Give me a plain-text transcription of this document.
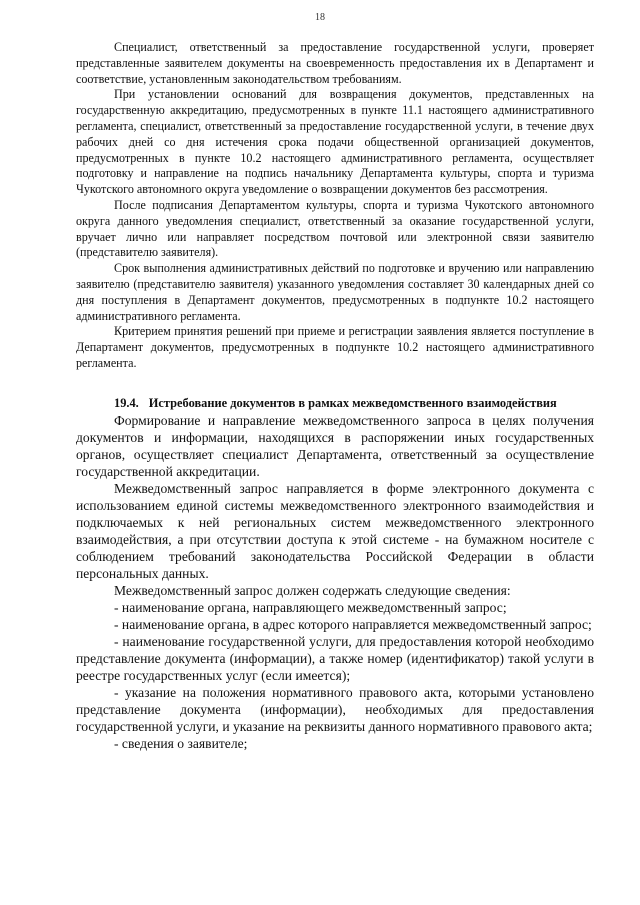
18

Специалист, ответственный за предоставление государственной услуги, проверяет представленные заявителем документы на своевременность предоставления их в Департамент и соответствие, установленным законодательством требованиям.

При установлении оснований для возвращения документов, представленных на государственную аккредитацию, предусмотренных в пункте 11.1 настоящего административного регламента, специалист, ответственный за предоставление государственной услуги, в течение двух рабочих дней со дня истечения срока подачи общественной организацией документов, предусмотренных в пункте 10.2 настоящего административного регламента, осуществляет подготовку и направление на подпись начальнику Департамента культуры, спорта и туризма Чукотского автономного округа уведомление о возвращении документов без рассмотрения.

После подписания Департаментом культуры, спорта и туризма Чукотского автономного округа данного уведомления специалист, ответственный за оказание государственной услуги, вручает лично или направляет посредством почтовой или электронной связи заявителю (представителю заявителя).

Срок выполнения административных действий по подготовке и вручению или направлению заявителю (представителю заявителя) указанного уведомления составляет 30 календарных дней со дня поступления в Департамент документов, предусмотренных в подпункте 10.2 настоящего административного регламента.

Критерием принятия решений при приеме и регистрации заявления является поступление в Департамент документов, предусмотренных в подпункте 10.2 настоящего административного регламента.

19.4. Истребование документов в рамках межведомственного взаимодействия

Формирование и направление межведомственного запроса в целях получения документов и информации, находящихся в распоряжении иных государственных органов, осуществляет специалист Департамента, ответственный за осуществление государственной аккредитации.

Межведомственный запрос направляется в форме электронного документа с использованием единой системы межведомственного электронного взаимодействия и подключаемых к ней региональных систем межведомственного электронного взаимодействия, а при отсутствии доступа к этой системе - на бумажном носителе с соблюдением требований законодательства Российской Федерации в области персональных данных.

Межведомственный запрос должен содержать следующие сведения:

- наименование органа, направляющего межведомственный запрос;

- наименование органа, в адрес которого направляется межведомственный запрос;

- наименование государственной услуги, для предоставления которой необходимо представление документа (информации), а также номер (идентификатор) такой услуги в реестре государственных услуг (если имеется);

- указание на положения нормативного правового акта, которыми установлено представление документа (информации), необходимых для предоставления государственной услуги, и указание на реквизиты данного нормативного правового акта;

- сведения о заявителе;
